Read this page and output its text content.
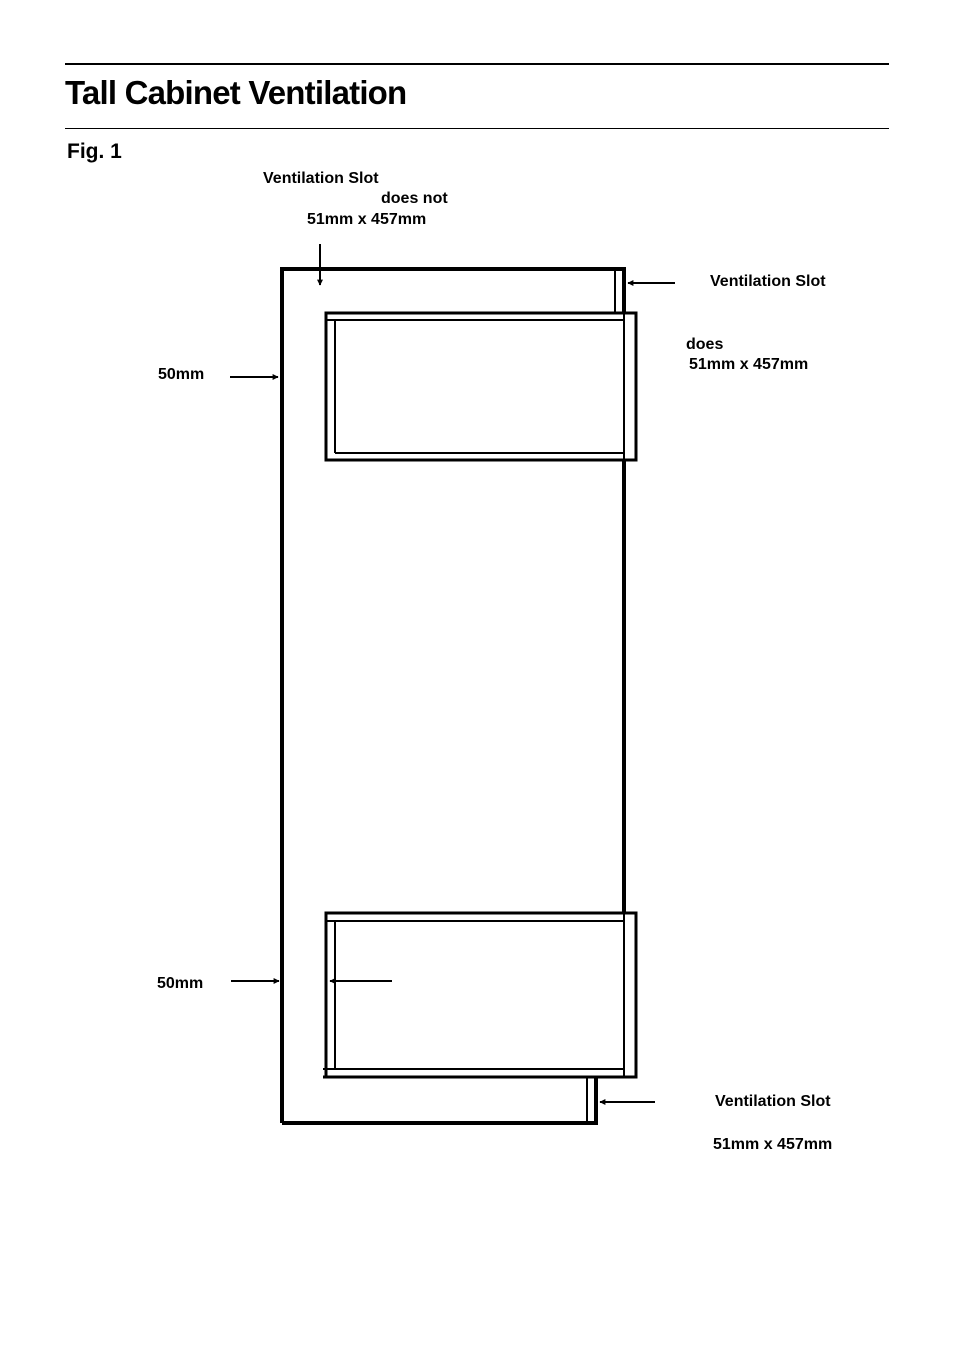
Tall Cabinet Ventilation
Fig. 1
Ventilation Slot
does not
51mm x 457mm
Ventilation Slot
does
51mm x 457mm
50mm
50mm
Ventilation Slot
51mm x 457mm
